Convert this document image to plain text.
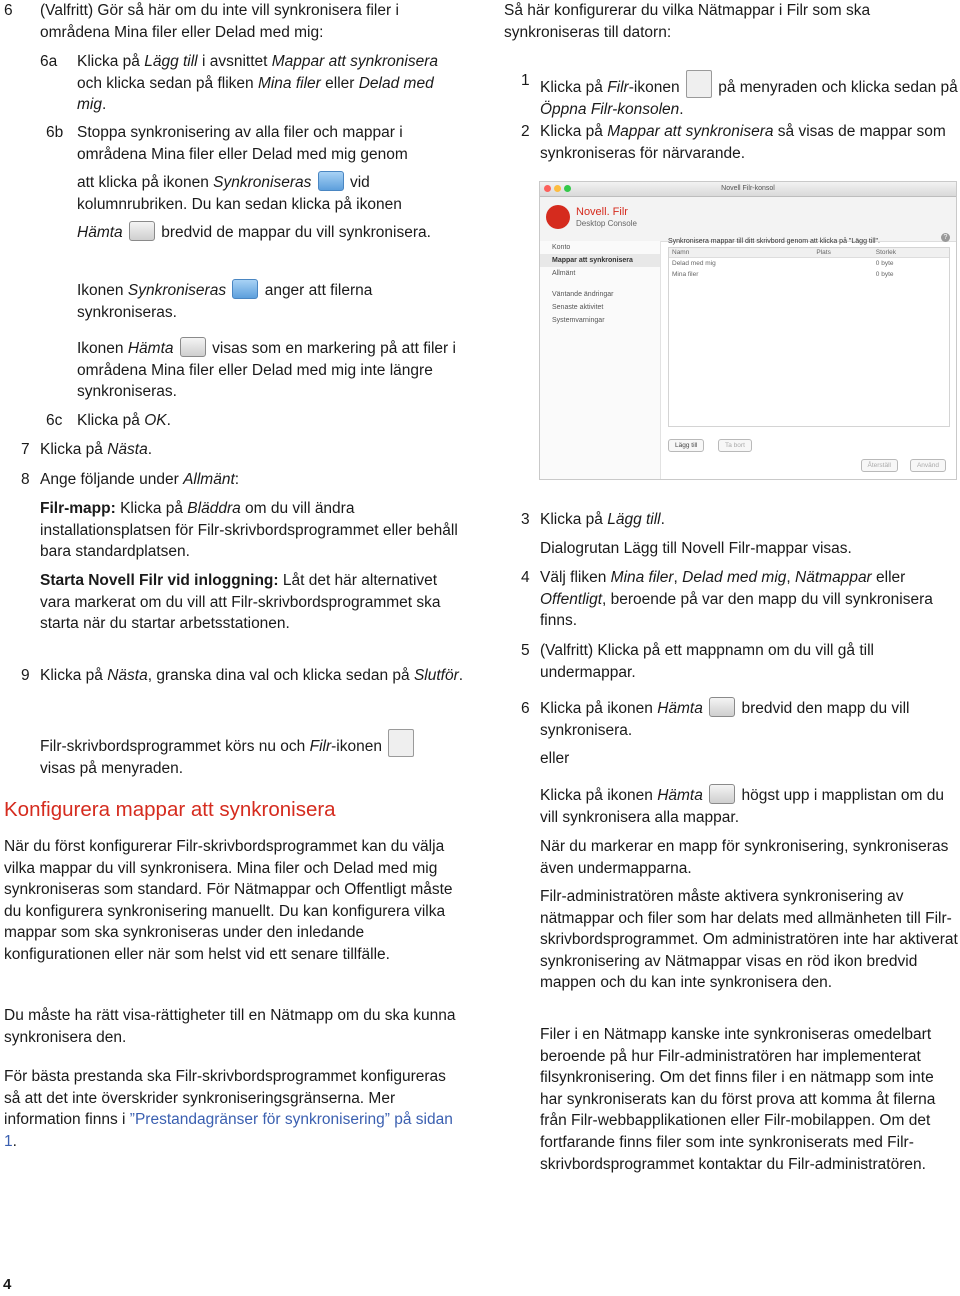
6 (Valfritt) Gör så här om du inte vill synkronisera filer i områdena Mina filer eller Delad med mig:

6a Klicka på Lägg till i avsnittet Mappar att synkronisera och klicka sedan på fliken Mina filer eller Delad med mig.

6b Stoppa synkronisering av alla filer och mappar i områdena Mina filer eller Delad med mig genom

att klicka på ikonen Synkroniseras  vid kolumnrubriken. Du kan sedan klicka på ikonen

Hämta  bredvid de mappar du vill synkronisera.

Ikonen Synkroniseras  anger att filerna synkroniseras.

Ikonen Hämta  visas som en markering på att filer i områdena Mina filer eller Delad med mig inte längre synkroniseras.

6c Klicka på OK.

7 Klicka på Nästa.

8 Ange följande under Allmänt:

Filr-mapp: Klicka på Bläddra om du vill ändra installationsplatsen för Filr-skrivbordsprogrammet eller behåll bara standardplatsen.

Starta Novell Filr vid inloggning: Låt det här alternativet vara markerat om du vill att Filr-skrivbordsprogrammet ska starta när du startar arbetsstationen.

9 Klicka på Nästa, granska dina val och klicka sedan på Slutför.

Filr-skrivbordsprogrammet körs nu och Filr-ikonen
visas på menyraden.

Konfigurera mappar att synkronisera

När du först konfigurerar Filr-skrivbordsprogrammet kan du välja vilka mappar du vill synkronisera. Mina filer och Delad med mig synkroniseras som standard. För Nätmappar och Offentligt måste du konfigurera synkronisering manuellt. Du kan konfigurera vilka mappar som ska synkroniseras under den inledande konfigurationen eller när som helst vid ett senare tillfälle.

Du måste ha rätt visa-rättigheter till en Nätmapp om du ska kunna synkronisera den.

För bästa prestanda ska Filr-skrivbordsprogrammet konfigureras så att det inte överskrider synkroniseringsgränserna. Mer information finns i ”Prestandagränser för synkronisering” på sidan 1.

Så här konfigurerar du vilka Nätmappar i Filr som ska synkroniseras till datorn:

1 Klicka på Filr-ikonen  på menyraden och klicka sedan på Öppna Filr-konsolen.

2 Klicka på Mappar att synkronisera så visas de mappar som synkroniseras för närvarande.

3 Klicka på Lägg till.

Dialogrutan Lägg till Novell Filr-mappar visas.

4 Välj fliken Mina filer, Delad med mig, Nätmappar eller Offentligt, beroende på var den mapp du vill synkronisera finns.

5 (Valfritt) Klicka på ett mappnamn om du vill gå till undermappar.

6 Klicka på ikonen Hämta  bredvid den mapp du vill synkronisera.

eller

Klicka på ikonen Hämta  högst upp i mapplistan om du vill synkronisera alla mappar.

När du markerar en mapp för synkronisering, synkroniseras även undermapparna.

Filr-administratören måste aktivera synkronisering av nätmappar och filer som har delats med allmänheten till Filr-skrivbordsprogrammet. Om administratören inte har aktiverat synkronisering av Nätmappar visas en röd ikon bredvid mappen och du kan inte synkronisera den.

Filer i en Nätmapp kanske inte synkroniseras omedelbart beroende på hur Filr-administratören har implementerat filsynkronisering. Om det finns filer i en nätmapp som inte har synkroniserats kan du först prova att komma åt filerna från Filr-webbapplikationen eller Filr-mobilappen. Om det fortfarande finns filer som inte synkroniserats med Filr-skrivbordsprogrammet kontaktar du Filr-administratören.

Novell Filr-konsol
Novell. Filr
Desktop Console
Konto
Mappar att synkronisera
Allmänt
Väntande ändringar
Senaste aktivitet
Systemvarningar
Synkronisera mappar till ditt skrivbord genom att klicka på "Lägg till".
?
Namn	Plats	Storlek
Delad med mig		0 byte
Mina filer		0 byte
Lägg till	Ta bort
Återställ	Använd
4
